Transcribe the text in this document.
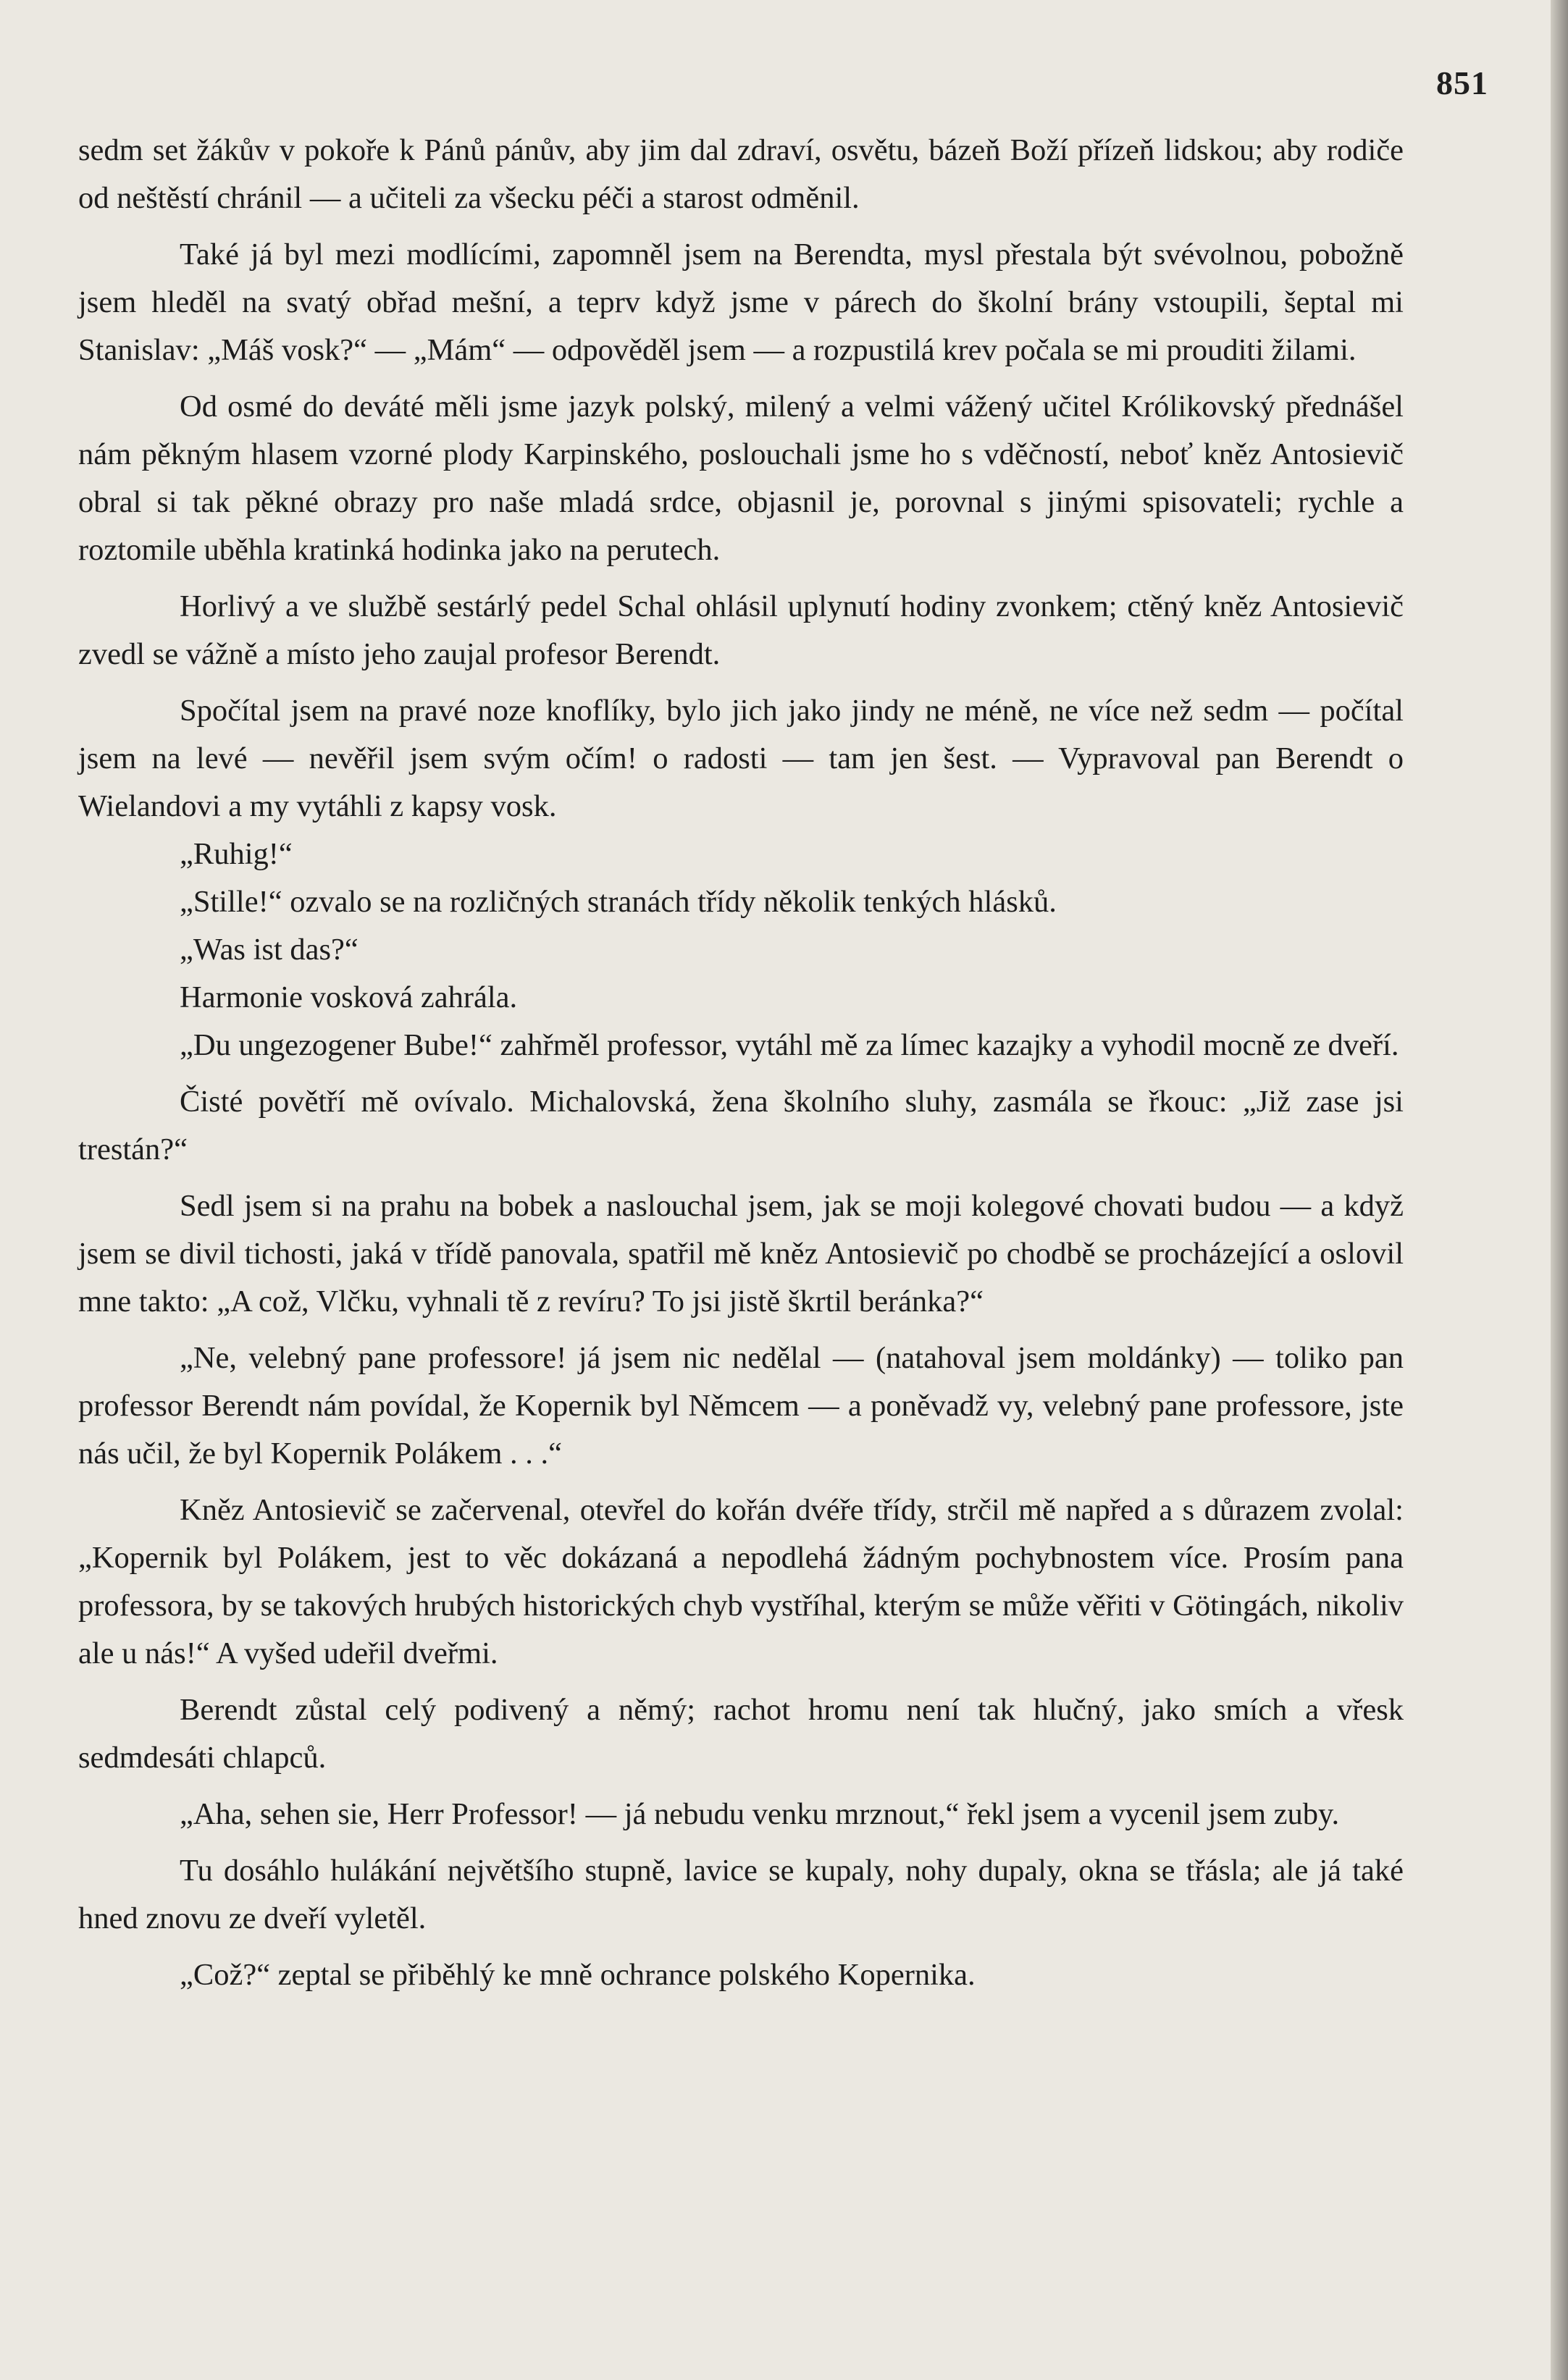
851

sedm set žákův v pokoře k Pánů pánův, aby jim dal zdraví, osvětu, bázeň Boží přízeň lidskou; aby rodiče od neštěstí chránil — a učiteli za všecku péči a starost odměnil.

Také já byl mezi modlícími, zapomněl jsem na Berendta, mysl přestala být svévolnou, pobožně jsem hleděl na svatý obřad mešní, a teprv když jsme v párech do školní brány vstoupili, šeptal mi Stanislav: „Máš vosk?“ — „Mám“ — odpověděl jsem — a rozpustilá krev počala se mi prouditi žilami.

Od osmé do deváté měli jsme jazyk polský, milený a velmi vážený učitel Królikovský přednášel nám pěkným hlasem vzorné plody Karpinského, poslouchali jsme ho s vděčností, neboť kněz Antosievič obral si tak pěkné obrazy pro naše mladá srdce, objasnil je, porovnal s jinými spisovateli; rychle a roztomile uběhla kratinká hodinka jako na perutech.

Horlivý a ve službě sestárlý pedel Schal ohlásil uplynutí hodiny zvonkem; ctěný kněz Antosievič zvedl se vážně a místo jeho zaujal profesor Berendt.

Spočítal jsem na pravé noze knoflíky, bylo jich jako jindy ne méně, ne více než sedm — počítal jsem na levé — nevěřil jsem svým očím! o radosti — tam jen šest. — Vypravoval pan Berendt o Wielandovi a my vytáhli z kapsy vosk.

„Ruhig!“

„Stille!“ ozvalo se na rozličných stranách třídy několik tenkých hlásků.

„Was ist das?“

Harmonie vosková zahrála.

„Du ungezogener Bube!“ zahřměl professor, vytáhl mě za límec kazajky a vyhodil mocně ze dveří.

Čisté povětří mě ovívalo. Michalovská, žena školního sluhy, zasmála se řkouc: „Již zase jsi trestán?“

Sedl jsem si na prahu na bobek a naslouchal jsem, jak se moji kolegové chovati budou — a když jsem se divil tichosti, jaká v třídě panovala, spatřil mě kněz Antosievič po chodbě se procházející a oslovil mne takto: „A což, Vlčku, vyhnali tě z revíru? To jsi jistě škrtil beránka?“

„Ne, velebný pane professore! já jsem nic nedělal — (natahoval jsem moldánky) — toliko pan professor Berendt nám povídal, že Kopernik byl Němcem — a poněvadž vy, velebný pane professore, jste nás učil, že byl Kopernik Polákem . . .“

Kněz Antosievič se začervenal, otevřel do kořán dvéře třídy, strčil mě napřed a s důrazem zvolal: „Kopernik byl Polákem, jest to věc dokázaná a nepodlehá žádným pochybnostem více. Prosím pana professora, by se takových hrubých historických chyb vystříhal, kterým se může věřiti v Götingách, nikoliv ale u nás!“ A vyšed udeřil dveřmi.

Berendt zůstal celý podivený a němý; rachot hromu není tak hlučný, jako smích a vřesk sedmdesáti chlapců.

„Aha, sehen sie, Herr Professor! — já nebudu venku mrznout,“ řekl jsem a vycenil jsem zuby.

Tu dosáhlo hulákání největšího stupně, lavice se kupaly, nohy dupaly, okna se třásla; ale já také hned znovu ze dveří vyletěl.

„Což?“ zeptal se přiběhlý ke mně ochrance polského Kopernika.
